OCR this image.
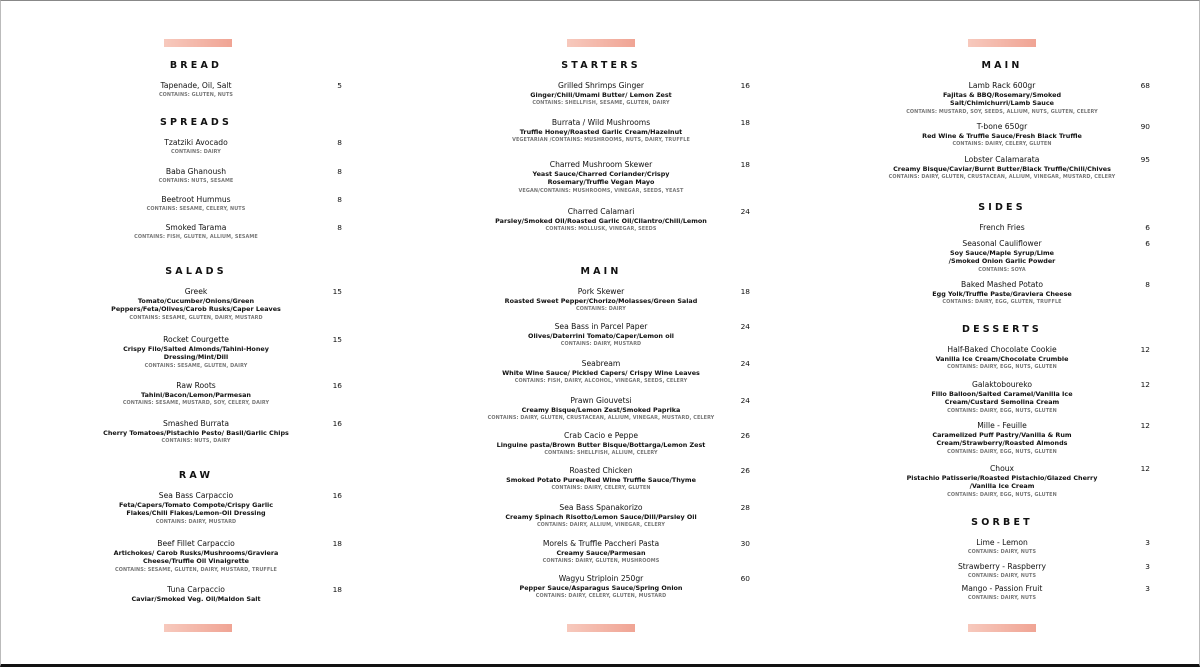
BREAD
Tapenade, Oil, Salt
CONTAINS: GLUTEN, NUTS
SPREADS
Tzatziki Avocado
CONTAINS: DAIRY
Baba Ghanoush
CONTAINS: NUTS, SESAME
Beetroot Hummus
CONTAINS: SESAME, CELERY, NUTS
Smoked Tarama
CONTAINS: FISH, GLUTEN, ALLIUM, SESAME
SALADS
Greek
Tomato/Cucumber/Onions/Green
Peppers/Feta/Olives/Carob Rusks/Caper Leaves
CONTAINS: SESAME, GLUTEN, DAIRY, MUSTARD
Rocket Courgette
Crispy Filo/Salted Almonds/Tahini-Honey
Dressing/Mint/Dill
CONTAINS: SESAME, GLUTEN, DAIRY
Raw Roots
Tahini/Bacon/Lemon/Parmesan
CONTAINS: SESAME, MUSTARD, SOY, CELERY, DAIRY
Smashed Burrata
Cherry Tomatoes/Pistachio Pesto/ Basil/Garlic Chips
CONTAINS: NUTS, DAIRY
RAW
Sea Bass Carpaccio
Feta/Capers/Tomato Compote/Crispy Garlic
Flakes/Chili Flakes/Lemon-Oil Dressing
CONTAINS: DAIRY, MUSTARD
Beef Fillet Carpaccio
Artichokes/ Carob Rusks/Mushrooms/Graviera
Cheese/Truffle Oil Vinaigrette
CONTAINS: SESAME, GLUTEN, DAIRY, MUSTARD, TRUFFLE
Tuna Carpaccio
Caviar/Smoked Veg. Oil/Maldon Salt
5
8
8
8
8
15
15
16
16
16
18
18
STARTERS
Grilled Shrimps Ginger
Ginger/Chili/Umami Butter/ Lemon Zest
CONTAINS: SHELLFISH, SESAME, GLUTEN, DAIRY
Burrata / Wild Mushrooms
Truffle Honey/Roasted Garlic Cream/Hazelnut
VEGETARIAN /CONTAINS: MUSHROOMS, NUTS, DAIRY, TRUFFLE
Charred Mushroom Skewer
Yeast Sauce/Charred Coriander/Crispy
Rosemary/Truffle Vegan Mayo
VEGAN/CONTAINS: MUSHROOMS, VINEGAR, SEEDS, YEAST
Charred Calamari
Parsley/Smoked Oil/Roasted Garlic Oil/Cilantro/Chili/Lemon
CONTAINS: MOLLUSK, VINEGAR, SEEDS
MAIN
Pork Skewer
Roasted Sweet Pepper/Chorizo/Molasses/Green Salad
CONTAINS: DAIRY
Sea Bass in Parcel Paper
Olives/Daterrini Tomato/Caper/Lemon oil
CONTAINS: DAIRY, MUSTARD
Seabream
White Wine Sauce/ Pickled Capers/ Crispy Wine Leaves
CONTAINS: FISH, DAIRY, ALCOHOL, VINEGAR, SEEDS, CELERY
Prawn Giouvetsi
Creamy Bisque/Lemon Zest/Smoked Paprika
CONTAINS: DAIRY, GLUTEN, CRUSTACEAN, ALLIUM, VINEGAR, MUSTARD, CELERY
Crab Cacio e Peppe
Linguine pasta/Brown Butter Bisque/Bottarga/Lemon Zest
CONTAINS: SHELLFISH, ALLIUM, CELERY
Roasted Chicken
Smoked Potato Puree/Red Wine Truffle Sauce/Thyme
CONTAINS: DAIRY, CELERY, GLUTEN
Sea Bass Spanakorizo
Creamy Spinach Risotto/Lemon Sauce/Dill/Parsley Oil
CONTAINS: DAIRY, ALLIUM, VINEGAR, CELERY
Morels & Truffle Paccheri Pasta
Creamy Sauce/Parmesan
CONTAINS: DAIRY, GLUTEN, MUSHROOMS
Wagyu Striploin 250gr
Pepper Sauce/Asparagus Sauce/Spring Onion
CONTAINS: DAIRY, CELERY, GLUTEN, MUSTARD
16
18
18
24
18
24
24
24
26
26
28
30
60
MAIN
Lamb Rack 600gr
Fajitas & BBQ/Rosemary/Smoked
Salt/Chimichurri/Lamb Sauce
CONTAINS: MUSTARD, SOY, SEEDS, ALLIUM, NUTS, GLUTEN, CELERY
T-bone 650gr
Red Wine & Truffle Sauce/Fresh Black Truffle
CONTAINS: DAIRY, CELERY, GLUTEN
Lobster Calamarata
Creamy Bisque/Caviar/Burnt Butter/Black Truffle/Chili/Chives
CONTAINS: DAIRY, GLUTEN, CRUSTACEAN, ALLIUM, VINEGAR, MUSTARD, CELERY
SIDES
French Fries
Seasonal Cauliflower
Soy Sauce/Maple Syrup/Lime
/Smoked Onion Garlic Powder
CONTAINS: SOYA
Baked Mashed Potato
Egg Yolk/Truffle Paste/Graviera Cheese
CONTAINS: DAIRY, EGG, GLUTEN, TRUFFLE
DESSERTS
Half-Baked Chocolate Cookie
Vanilla Ice Cream/Chocolate Crumble
CONTAINS: DAIRY, EGG, NUTS, GLUTEN
Galaktoboureko
Fillo Balloon/Salted Caramel/Vanilla Ice
Cream/Custard Semolina Cream
CONTAINS: DAIRY, EGG, NUTS, GLUTEN
Mille - Feuille
Caramelized Puff Pastry/Vanilla & Rum
Cream/Strawberry/Roasted Almonds
CONTAINS: DAIRY, EGG, NUTS, GLUTEN
Choux
Pistachio Patisserie/Roasted Pistachio/Glazed Cherry
/Vanilla Ice Cream
CONTAINS: DAIRY, EGG, NUTS, GLUTEN
SORBET
Lime - Lemon
CONTAINS: DAIRY, NUTS
Strawberry - Raspberry
CONTAINS: DAIRY, NUTS
Mango - Passion Fruit
CONTAINS: DAIRY, NUTS
68
90
95
6
6
8
12
12
12
12
3
3
3
